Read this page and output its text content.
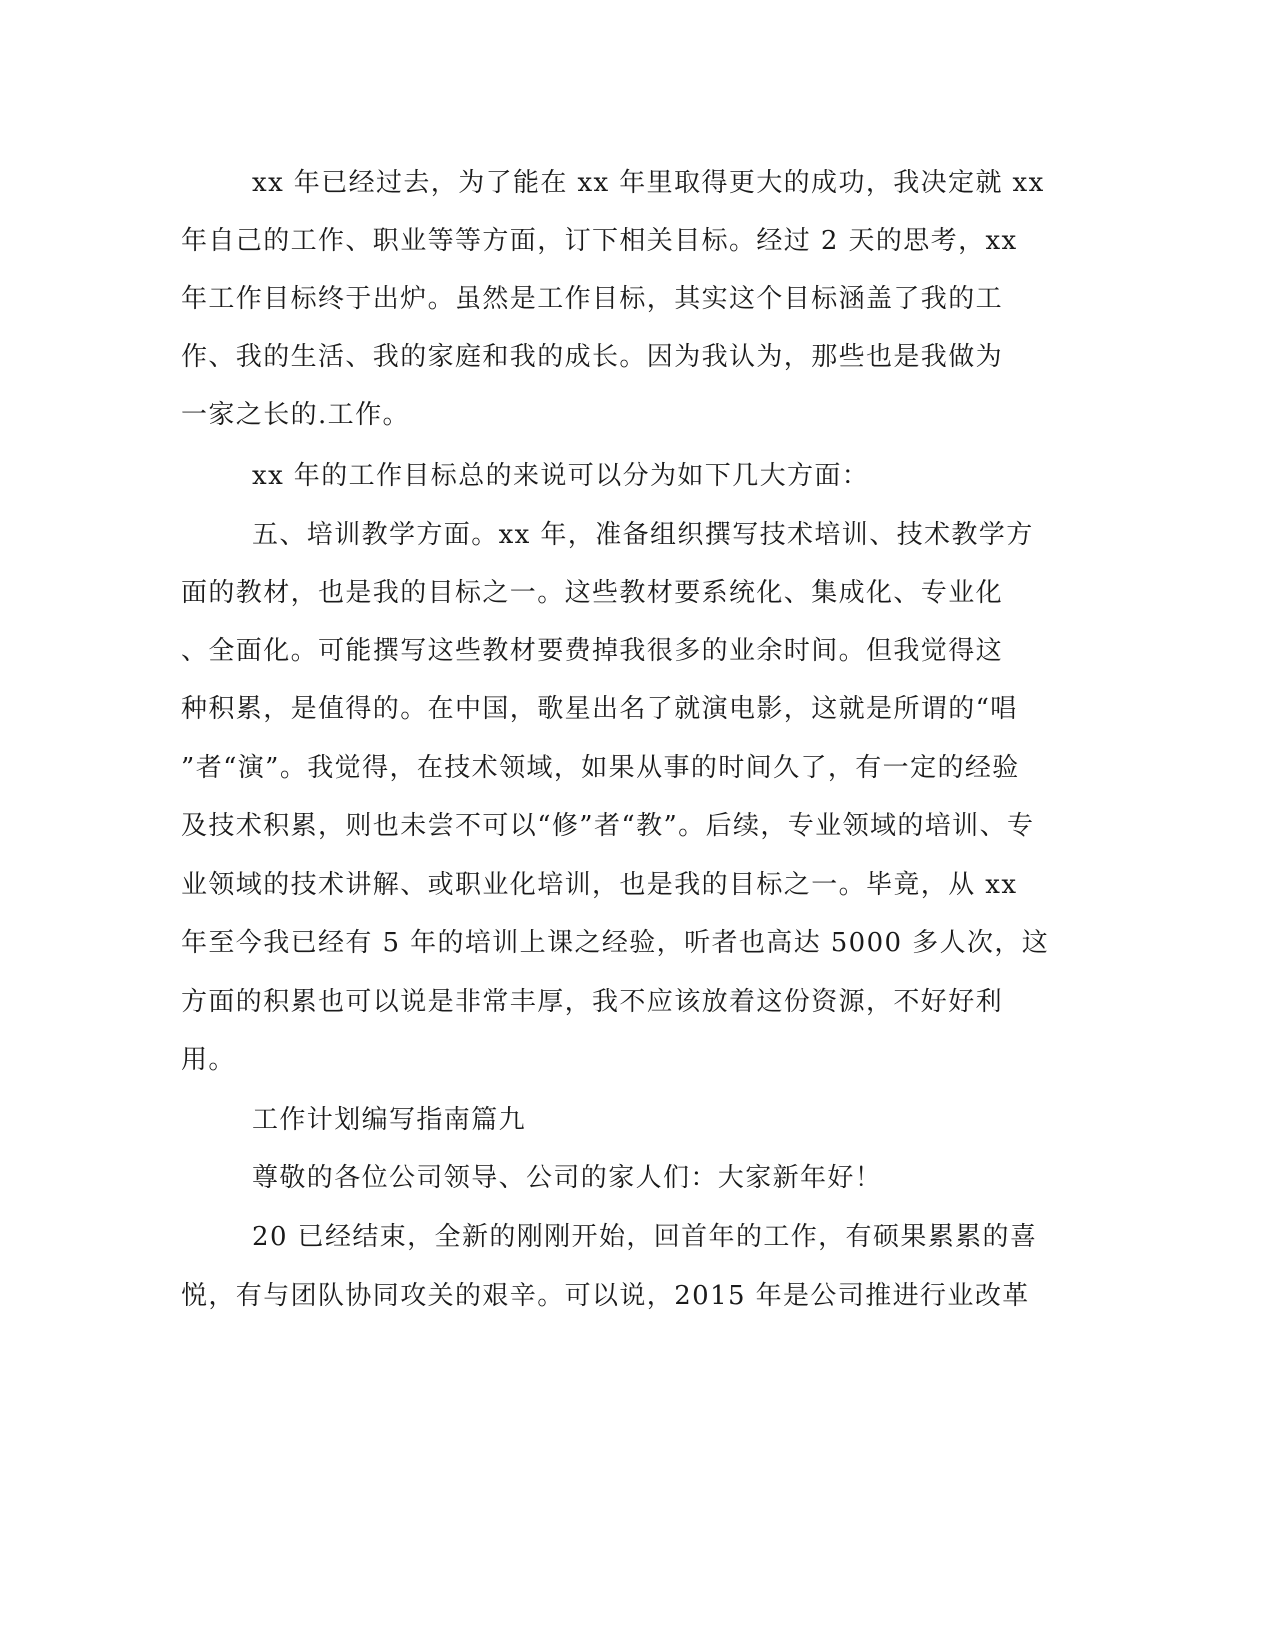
xx 年已经过去，为了能在 xx 年里取得更大的成功，我决定就 xx
年自己的工作、职业等等方面，订下相关目标。经过 2 天的思考，xx
年工作目标终于出炉。虽然是工作目标，其实这个目标涵盖了我的工
作、我的生活、我的家庭和我的成长。因为我认为，那些也是我做为
一家之长的.工作。
xx 年的工作目标总的来说可以分为如下几大方面：
五、培训教学方面。xx 年，准备组织撰写技术培训、技术教学方
面的教材，也是我的目标之一。这些教材要系统化、集成化、专业化
、全面化。可能撰写这些教材要费掉我很多的业余时间。但我觉得这
种积累，是值得的。在中国，歌星出名了就演电影，这就是所谓的“唱
”者“演”。我觉得，在技术领域，如果从事的时间久了，有一定的经验
及技术积累，则也未尝不可以“修”者“教”。后续，专业领域的培训、专
业领域的技术讲解、或职业化培训，也是我的目标之一。毕竟，从 xx
年至今我已经有 5 年的培训上课之经验，听者也高达 5000 多人次，这
方面的积累也可以说是非常丰厚，我不应该放着这份资源，不好好利
用。
工作计划编写指南篇九
尊敬的各位公司领导、公司的家人们：大家新年好！
20 已经结束，全新的刚刚开始，回首年的工作，有硕果累累的喜
悦，有与团队协同攻关的艰辛。可以说，2015 年是公司推进行业改革
